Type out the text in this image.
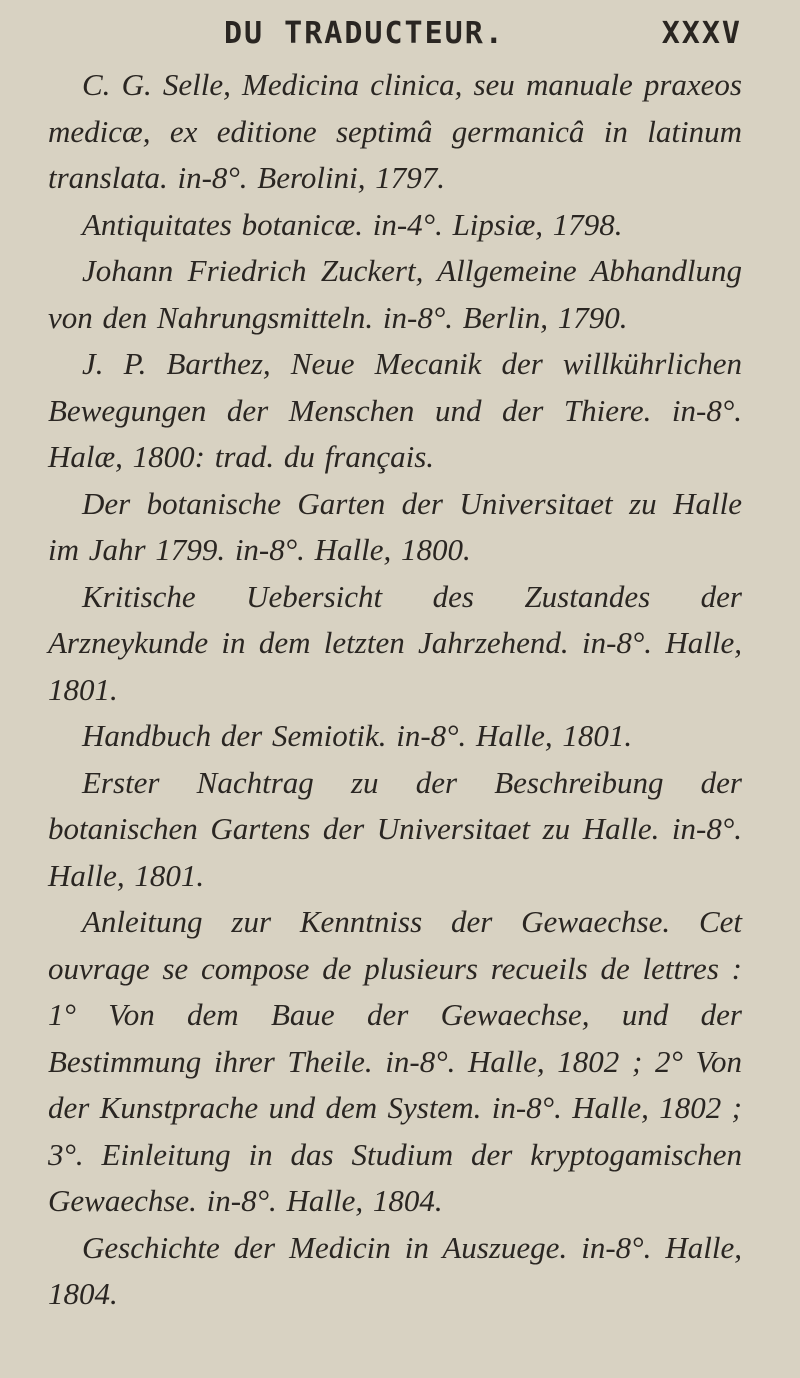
DU TRADUCTEUR.	XXXV

C. G. Selle, Medicina clinica, seu manuale praxeos medicæ, ex editione septimâ germanicâ in latinum translata. in-8°. Berolini, 1797.

Antiquitates botanicæ. in-4°. Lipsiæ, 1798.

Johann Friedrich Zuckert, Allgemeine Abhandlung von den Nahrungsmitteln. in-8°. Berlin, 1790.

J. P. Barthez, Neue Mecanik der willkührlichen Bewegungen der Menschen und der Thiere. in-8°. Halæ, 1800: trad. du français.

Der botanische Garten der Universitaet zu Halle im Jahr 1799. in-8°. Halle, 1800.

Kritische Uebersicht des Zustandes der Arzneykunde in dem letzten Jahrzehend. in-8°. Halle, 1801.

Handbuch der Semiotik. in-8°. Halle, 1801.

Erster Nachtrag zu der Beschreibung der botanischen Gartens der Universitaet zu Halle. in-8°. Halle, 1801.

Anleitung zur Kenntniss der Gewaechse. Cet ouvrage se compose de plusieurs recueils de lettres : 1° Von dem Baue der Gewaechse, und der Bestimmung ihrer Theile. in-8°. Halle, 1802 ; 2° Von der Kunstprache und dem System. in-8°. Halle, 1802 ; 3°. Einleitung in das Studium der kryptogamischen Gewaechse. in-8°. Halle, 1804.

Geschichte der Medicin in Auszuege. in-8°. Halle, 1804.
